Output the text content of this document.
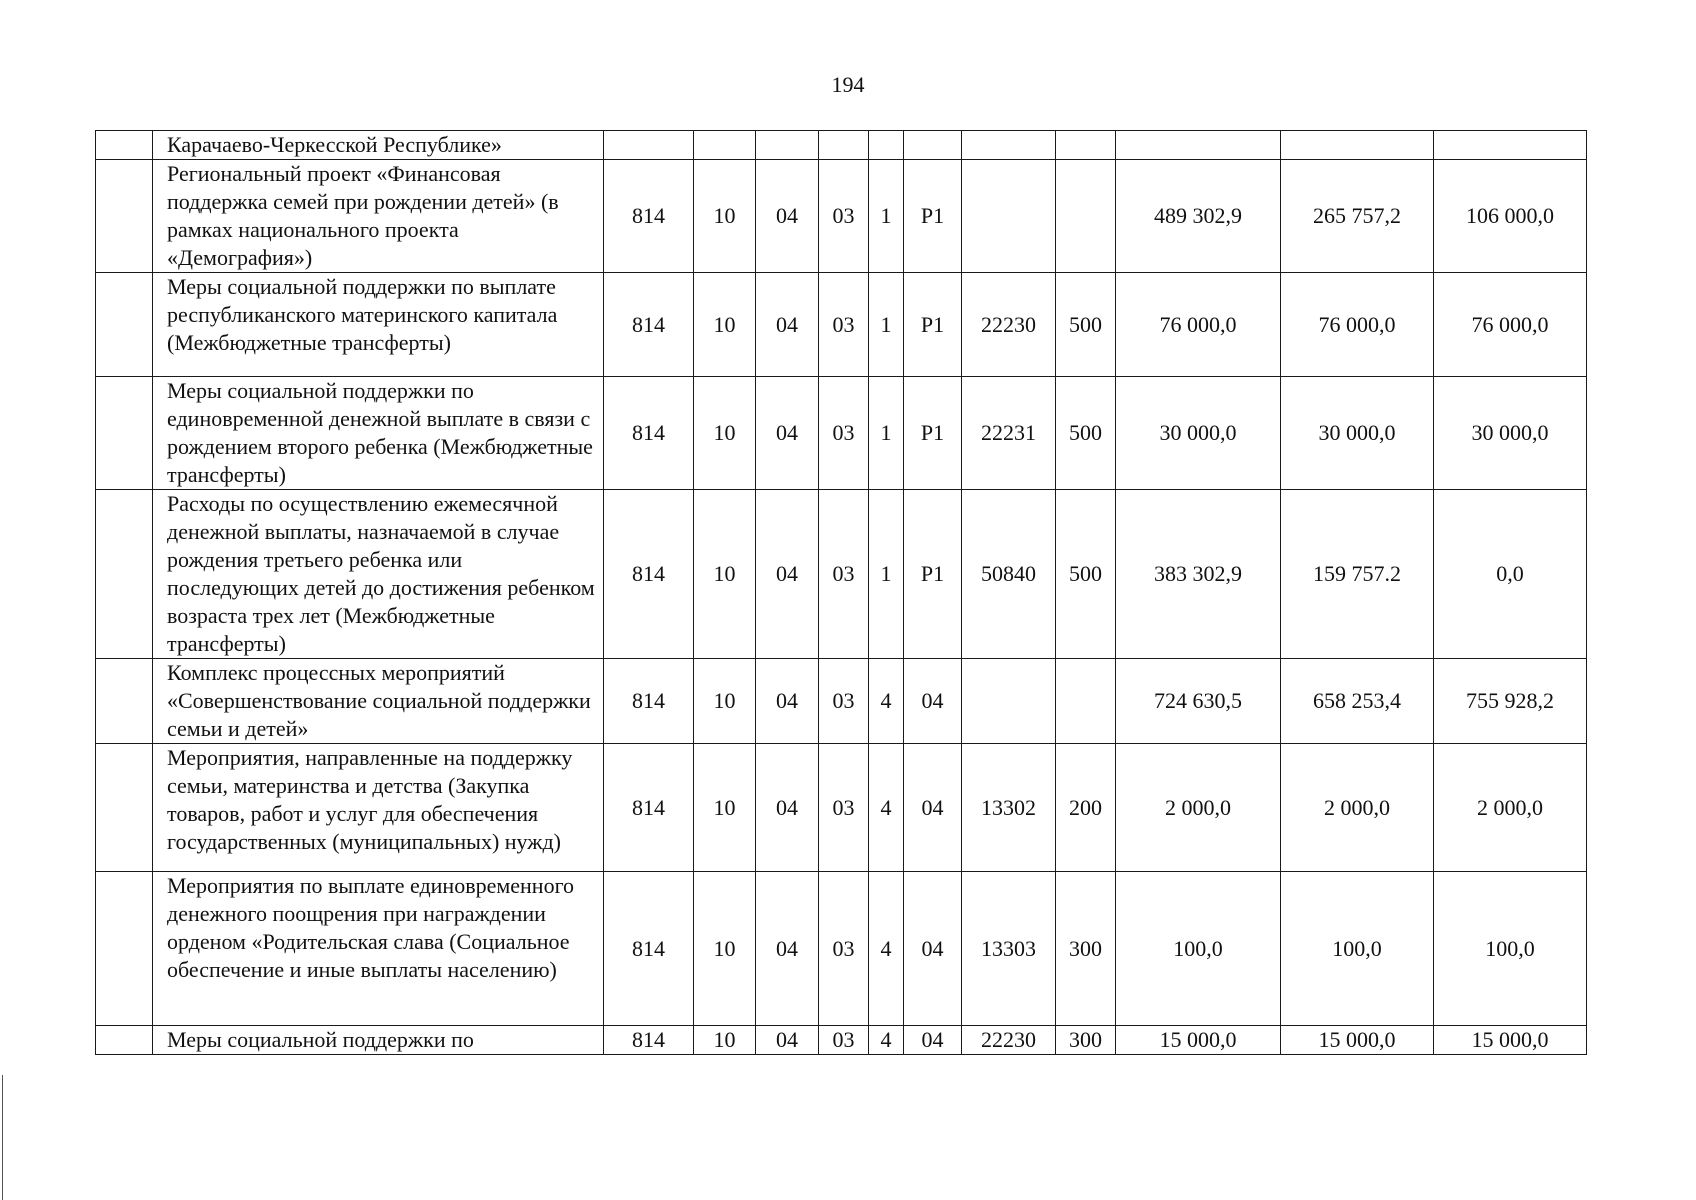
194
	Карачаево-Черкесской Республике»											
	Региональный проект «Финансовая поддержка семей при рождении детей» (в рамках национального проекта «Демография»)	814	10	04	03	1	P1			489 302,9	265 757,2	106 000,0
	Меры социальной поддержки по выплате республиканского материнского капитала (Межбюджетные трансферты)	814	10	04	03	1	P1	22230	500	76 000,0	76 000,0	76 000,0
	Меры социальной поддержки по единовременной денежной выплате в связи с рождением второго ребенка (Межбюджетные трансферты)	814	10	04	03	1	P1	22231	500	30 000,0	30 000,0	30 000,0
	Расходы по осуществлению ежемесячной денежной выплаты, назначаемой в случае рождения третьего ребенка или последующих детей до достижения ребенком возраста трех лет (Межбюджетные трансферты)	814	10	04	03	1	P1	50840	500	383 302,9	159 757.2	0,0
	Комплекс процессных мероприятий «Совершенствование социальной поддержки семьи и детей»	814	10	04	03	4	04			724 630,5	658 253,4	755 928,2
	Мероприятия, направленные на поддержку семьи, материнства и детства (Закупка товаров, работ и услуг для обеспечения государственных (муниципальных) нужд)	814	10	04	03	4	04	13302	200	2 000,0	2 000,0	2 000,0
	Мероприятия по выплате единовременного денежного поощрения при награждении орденом «Родительская слава (Социальное обеспечение и иные выплаты населению)	814	10	04	03	4	04	13303	300	100,0	100,0	100,0
	Меры социальной поддержки по	814	10	04	03	4	04	22230	300	15 000,0	15 000,0	15 000,0
